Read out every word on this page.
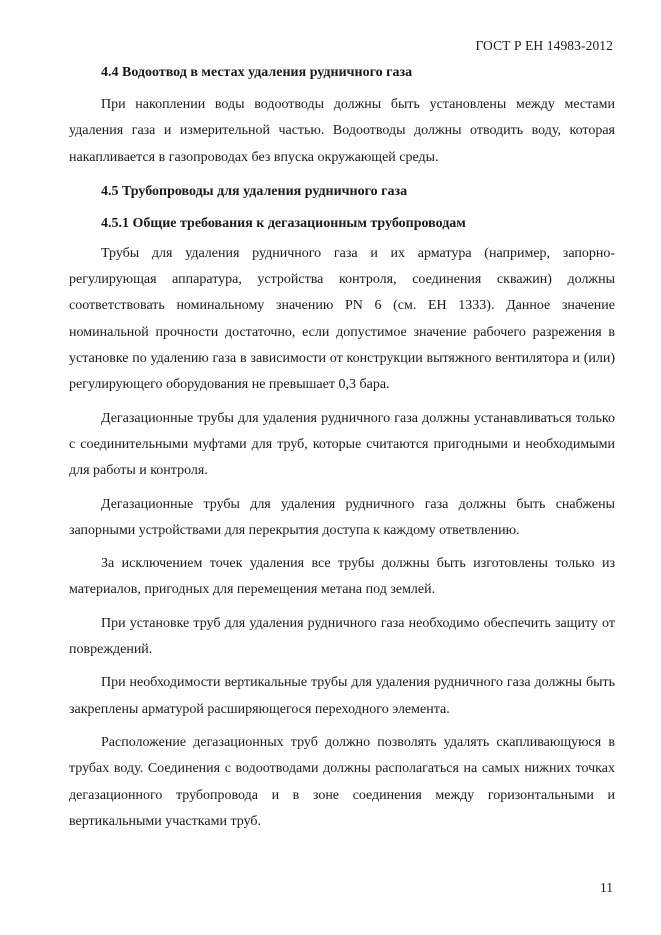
ГОСТ Р ЕН 14983-2012

4.4 Водоотвод в местах удаления рудничного газа

При накоплении воды водоотводы должны быть установлены между местами удаления газа и измерительной частью. Водоотводы должны отводить воду, которая накапливается в газопроводах без впуска окружающей среды.

4.5 Трубопроводы для удаления рудничного газа

4.5.1 Общие требования к дегазационным трубопроводам

Трубы для удаления рудничного газа и их арматура (например, запорно-регулирующая аппаратура, устройства контроля, соединения скважин) должны соответствовать номинальному значению PN 6 (см. ЕН 1333). Данное значение номинальной прочности достаточно, если допустимое значение рабочего разрежения в установке по удалению газа в зависимости от конструкции вытяжного вентилятора и (или) регулирующего оборудования не превышает 0,3 бара.

Дегазационные трубы для удаления рудничного газа должны устанавливаться только с соединительными муфтами для труб, которые считаются пригодными и необходимыми для работы и контроля.

Дегазационные трубы для удаления рудничного газа должны быть снабжены запорными устройствами для перекрытия доступа к каждому ответвлению.

За исключением точек удаления все трубы должны быть изготовлены только из материалов, пригодных для перемещения метана под землей.

При установке труб для удаления рудничного газа необходимо обеспечить защиту от повреждений.

При необходимости вертикальные трубы для удаления рудничного газа должны быть закреплены арматурой расширяющегося переходного элемента.

Расположение дегазационных труб должно позволять удалять скапливающуюся в трубах воду. Соединения с водоотводами должны располагаться на самых нижних точках дегазационного трубопровода и в зоне соединения между горизонтальными и вертикальными участками труб.

11
